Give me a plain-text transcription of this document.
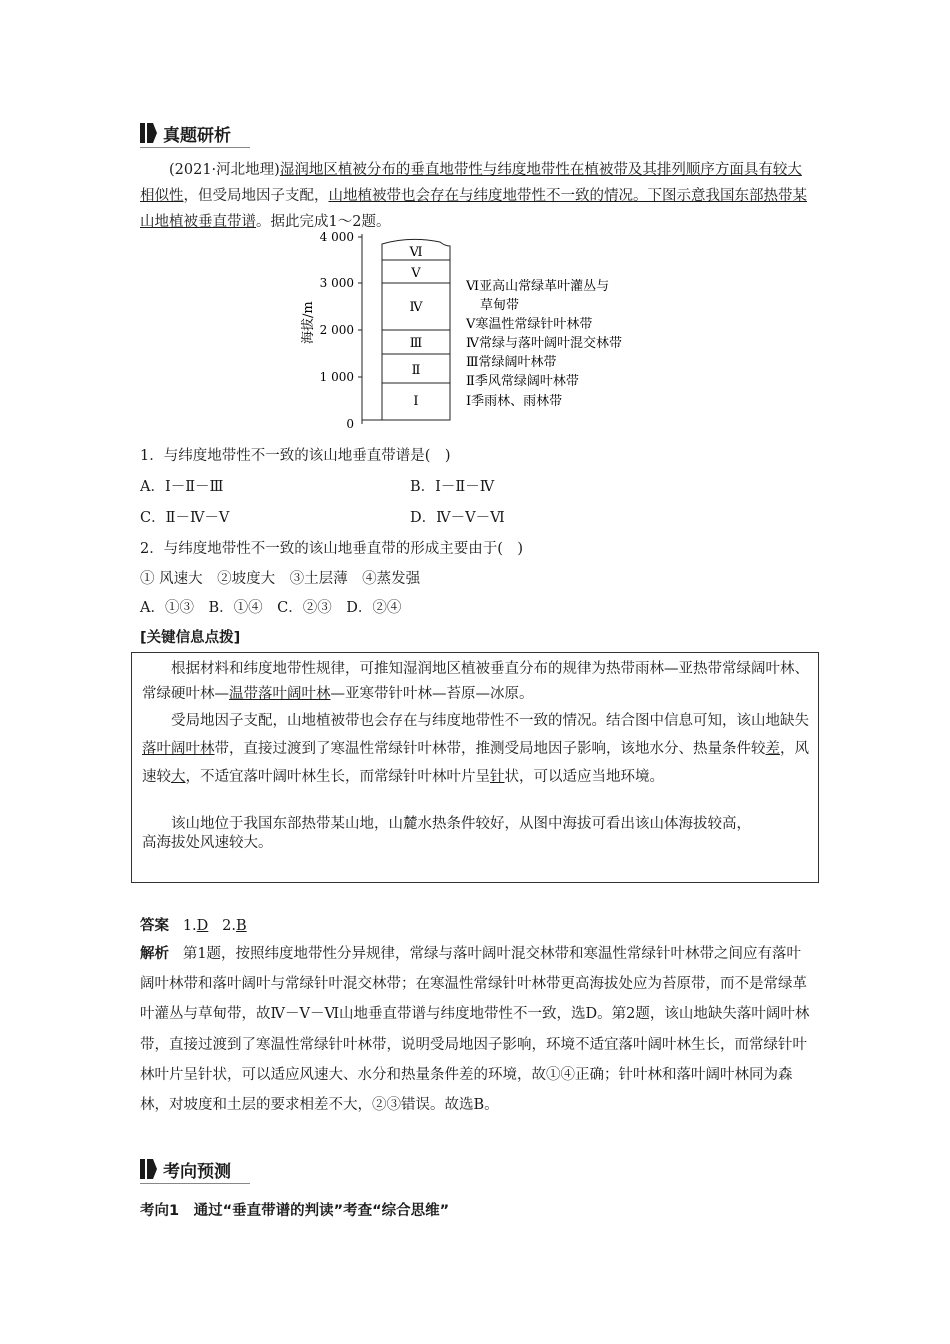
真题研析
(2021·河北地理)湿润地区植被分布的垂直地带性与纬度地带性在植被带及其排列顺序方面具有较大相似性，但受局地因子支配，山地植被带也会存在与纬度地带性不一致的情况。下图示意我国东部热带某山地植被垂直带谱。据此完成1～2题。
4 000
3 000
2 000
1 000
0
海拔/m
Ⅵ
Ⅴ
Ⅳ
Ⅲ
Ⅱ
Ⅰ
Ⅵ亚高山常绿革叶灌丛与
草甸带
Ⅴ寒温性常绿针叶林带
Ⅳ常绿与落叶阔叶混交林带
Ⅲ常绿阔叶林带
Ⅱ季风常绿阔叶林带
Ⅰ季雨林、雨林带
1．与纬度地带性不一致的该山地垂直带谱是(　)
A．Ⅰ－Ⅱ－Ⅲ	B．Ⅰ－Ⅱ－Ⅳ
C．Ⅱ－Ⅳ－Ⅴ	D．Ⅳ－Ⅴ－Ⅵ
2．与纬度地带性不一致的该山地垂直带的形成主要由于(　)
① 风速大　②坡度大　③土层薄　④蒸发强
A．①③　B．①④　C．②③　D．②④
[关键信息点拨]

根据材料和纬度地带性规律，可推知湿润地区植被垂直分布的规律为热带雨林—亚热带常绿阔叶林、常绿硬叶林—温带落叶阔叶林—亚寒带针叶林—苔原—冰原。

受局地因子支配，山地植被带也会存在与纬度地带性不一致的情况。结合图中信息可知，该山地缺失落叶阔叶林带，直接过渡到了寒温性常绿针叶林带，推测受局地因子影响，该地水分、热量条件较差，风速较大，不适宜落叶阔叶林生长，而常绿针叶林叶片呈针状，可以适应当地环境。

该山地位于我国东部热带某山地，山麓水热条件较好，从图中海拔可看出该山体海拔较高，
高海拔处风速较大。

答案 1.D 2.B
解析 第1题，按照纬度地带性分异规律，常绿与落叶阔叶混交林带和寒温性常绿针叶林带之间应有落叶阔叶林带和落叶阔叶与常绿针叶混交林带；在寒温性常绿针叶林带更高海拔处应为苔原带，而不是常绿革叶灌丛与草甸带，故Ⅳ－Ⅴ－Ⅵ山地垂直带谱与纬度地带性不一致，选D。第2题，该山地缺失落叶阔叶林带，直接过渡到了寒温性常绿针叶林带，说明受局地因子影响，环境不适宜落叶阔叶林生长，而常绿针叶林叶片呈针状，可以适应风速大、水分和热量条件差的环境，故①④正确；针叶林和落叶阔叶林同为森林，对坡度和土层的要求相差不大，②③错误。故选B。
考向预测
考向1　通过“垂直带谱的判读”考查“综合思维”
